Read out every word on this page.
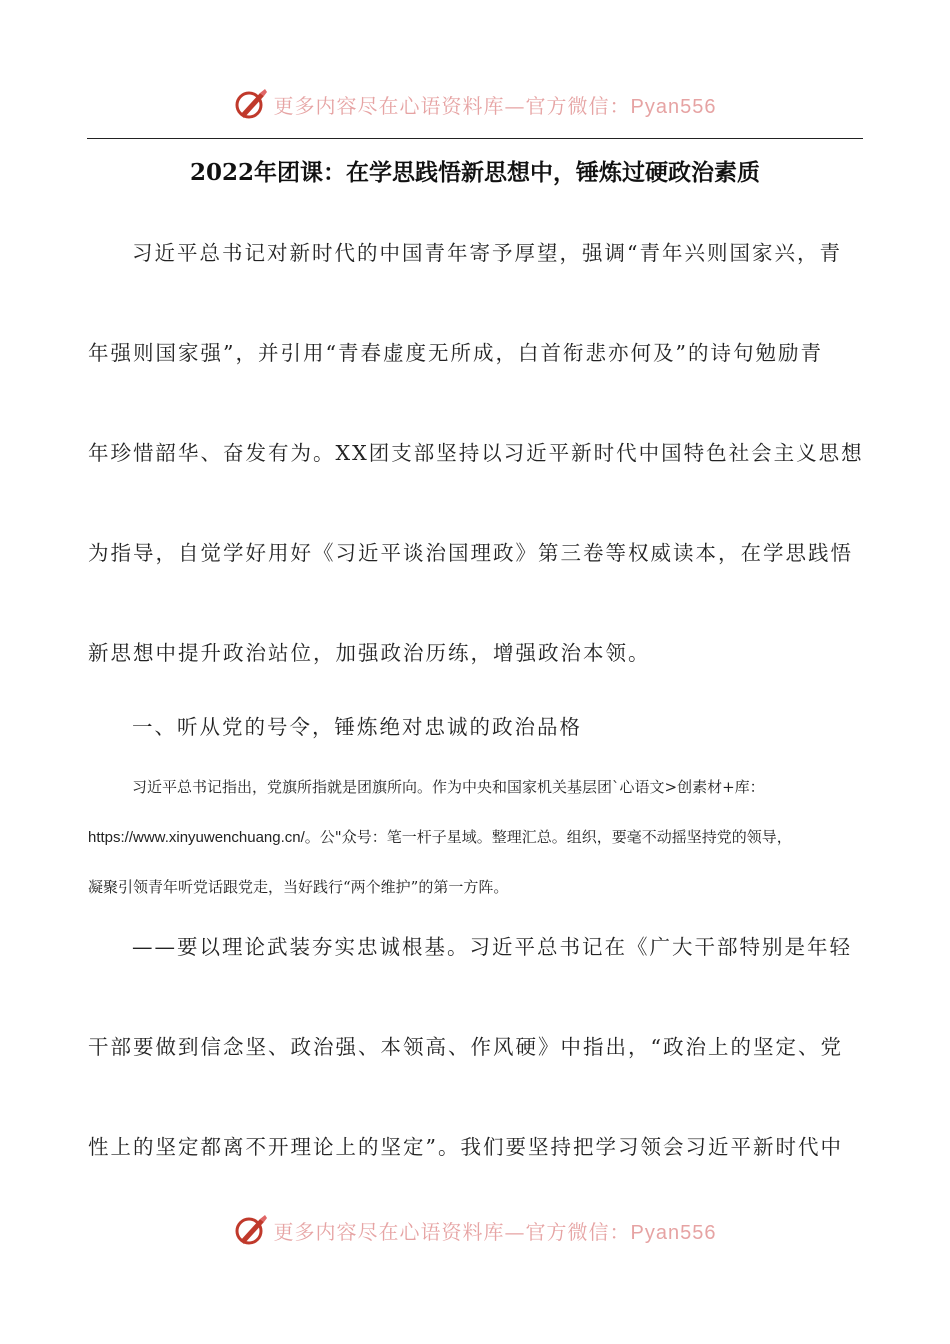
更多内容尽在心语资料库—官方微信：Pyan556
2022年团课：在学思践悟新思想中，锤炼过硬政治素质
习近平总书记对新时代的中国青年寄予厚望，强调“青年兴则国家兴，青
年强则国家强”，并引用“青春虚度无所成，白首衔悲亦何及”的诗句勉励青
年珍惜韶华、奋发有为。XX团支部坚持以习近平新时代中国特色社会主义思想
为指导，自觉学好用好《习近平谈治国理政》第三卷等权威读本，在学思践悟
新思想中提升政治站位，加强政治历练，增强政治本领。
一、听从党的号令，锤炼绝对忠诚的政治品格
习近平总书记指出，党旗所指就是团旗所向。作为中央和国家机关基层团`心语文>创素材+库：
https://www.xinyuwenchuang.cn/。公"众号：笔一杆子星域。整理汇总。组织，要毫不动摇坚持党的领导，
凝聚引领青年听党话跟党走，当好践行“两个维护”的第一方阵。
——要以理论武装夯实忠诚根基。习近平总书记在《广大干部特别是年轻
干部要做到信念坚、政治强、本领高、作风硬》中指出，“政治上的坚定、党
性上的坚定都离不开理论上的坚定”。我们要坚持把学习领会习近平新时代中
更多内容尽在心语资料库—官方微信：Pyan556
